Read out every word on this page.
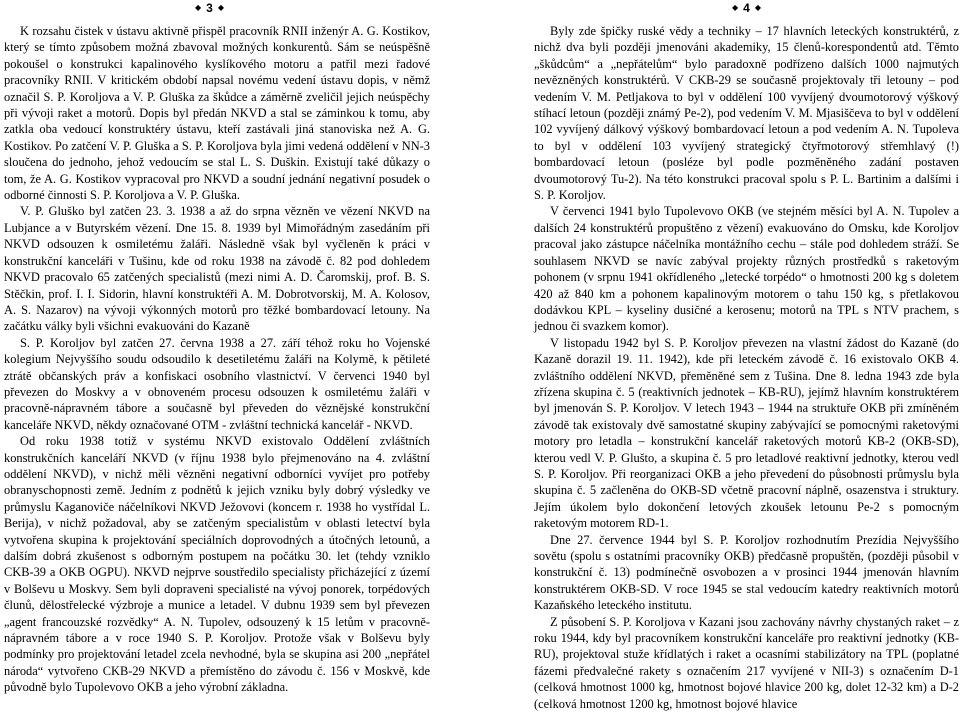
◆ 3 ◆	◆ 4 ◆

K rozsahu čistek v ústavu aktivně přispěl pracovník RNII inženýr A. G. Kostikov, který se tímto způsobem možná zbavoval možných konkurentů. Sám se neúspěšně pokoušel o konstrukci kapalinového kyslíkového motoru a patřil mezi řadové pracovníky RNII. V kritickém období napsal novému vedení ústavu dopis, v němž označil S. P. Koroljova a V. P. Gluška za škůdce a záměrně zveličil jejich neúspěchy při vývoji raket a motorů. Dopis byl předán NKVD a stal se záminkou k tomu, aby zatkla oba vedoucí konstruktéry ústavu, kteří zastávali jiná stanoviska než A. G. Kostikov. Po zatčení V. P. Gluška a S. P. Koroljova byla jimi vedená oddělení v NN-3 sloučena do jednoho, jehož vedoucím se stal L. S. Duškin. Existují také důkazy o tom, že A. G. Kostikov vypracoval pro NKVD a soudní jednání negativní posudek o odborné činnosti S. P. Koroljova a V. P. Gluška.

V. P. Gluško byl zatčen 23. 3. 1938 a až do srpna vězněn ve vězení NKVD na Lubjance a v Butyrském vězení. Dne 15. 8. 1939 byl Mimořádným zasedáním při NKVD odsouzen k osmiletému žaláři. Následně však byl vyčleněn k práci v konstrukční kanceláři v Tušinu, kde od roku 1938 na závodě č. 82 pod dohledem NKVD pracovalo 65 zatčených specialistů (mezi nimi A. D. Čaromskij, prof. B. S. Stěčkin, prof. I. I. Sidorin, hlavní konstruktéři A. M. Dobrotvorskij, M. A. Kolosov, A. S. Nazarov) na vývoji výkonných motorů pro těžké bombardovací letouny. Na začátku války byli všichni evakuováni do Kazaně

S. P. Koroljov byl zatčen 27. června 1938 a 27. září téhož roku ho Vojenské kolegium Nejvyššího soudu odsoudilo k desetiletému žaláři na Kolymě, k pětileté ztrátě občanských práv a konfiskaci osobního vlastnictví. V červenci 1940 byl převezen do Moskvy a v obnoveném procesu odsouzen k osmiletému žaláři v pracovně-nápravném tábore a současně byl převeden do věznějské konstrukční kanceláře NKVD, někdy označované OTM - zvláštní technická kancelář - NKVD.

Od roku 1938 totiž v systému NKVD existovalo Oddělení zvláštních konstrukčních kanceláří NKVD (v říjnu 1938 bylo přejmenováno na 4. zvláštní oddělení NKVD), v nichž měli vězněni negativní odborníci vyvíjet pro potřeby obranyschopnosti země. Jedním z podnětů k jejich vzniku byly dobrý výsledky ve průmyslu Kaganoviče náčelníkovi NKVD Ježovovi (koncem r. 1938 ho vystřídal L. Berija), v nichž požadoval, aby se zatčeným specialistům v oblasti letectví byla vytvořena skupina k projektování speciálních doprovodných a útočných letounů, a dalším dobrá zkušenost s odborným postupem na počátku 30. let (tehdy vzniklo CKB-39 a OKB OGPU). NKVD nejprve soustředilo specialisty přicházející z území v Bolševu u Moskvy. Sem byli dopraveni specialisté na vývoj ponorek, torpédových člunů, dělostřelecké výzbroje a munice a letadel. V dubnu 1939 sem byl převezen „agent francouzské rozvědky“ A. N. Tupolev, odsouzený k 15 letům v pracovně-nápravném tábore a v roce 1940 S. P. Koroljov. Protože však v Bolševu byly podmínky pro projektování letadel zcela nevhodné, byla se skupina asi 200 „nepřátel národa“ vytvořeno CKB-29 NKVD a přemístěno do závodu č. 156 v Moskvě, kde původně bylo Tupolevovo OKB a jeho výrobní základna.

Byly zde špičky ruské vědy a techniky – 17 hlavních leteckých konstruktérů, z nichž dva byli později jmenováni akademiky, 15 členů-korespondentů atd. Těmto „škůdcům“ a „nepřátelům“ bylo paradoxně podřízeno dalších 1000 najmutých nevězněných konstruktérů. V CKB-29 se současně projektovaly tři letouny – pod vedením V. M. Petljakova to byl v oddělení 100 vyvíjený dvoumotorový výškový stíhací letoun (později známý Pe-2), pod vedením V. M. Mjasiščeva to byl v oddělení 102 vyvíjený dálkový výškový bombardovací letoun a pod vedením A. N. Tupoleva to byl v oddělení 103 vyvíjený strategický čtyřmotorový střemhlavý (!) bombardovací letoun (posléze byl podle pozměněného zadání postaven dvoumotorový Tu-2). Na této konstrukci pracoval spolu s P. L. Bartinim a dalšími i S. P. Koroljov.

V červenci 1941 bylo Tupolevovo OKB (ve stejném měsíci byl A. N. Tupolev a dalších 24 konstruktérů propuštěno z vězení) evakuováno do Omsku, kde Koroljov pracoval jako zástupce náčelníka montážního cechu – stále pod dohledem stráží. Se souhlasem NKVD se navíc zabýval projekty různých prostředků s raketovým pohonem (v srpnu 1941 okřídleného „letecké torpédo“ o hmotnosti 200 kg s doletem 420 až 840 km a pohonem kapalinovým motorem o tahu 150 kg, s přetlakovou dodávkou KPL – kyseliny dusičné a kerosenu; motorů na TPL s NTV prachem, s jednou či svazkem komor).

V listopadu 1942 byl S. P. Koroljov převezen na vlastní žádost do Kazaně (do Kazaně dorazil 19. 11. 1942), kde při leteckém závodě č. 16 existovalo OKB 4. zvláštního oddělení NKVD, přeměněné sem z Tušina. Dne 8. ledna 1943 zde byla zřízena skupina č. 5 (reaktivních jednotek – KB-RU), jejímž hlavním konstruktérem byl jmenován S. P. Koroljov. V letech 1943 – 1944 na struktuře OKB při zmíněném závodě tak existovaly dvě samostatné skupiny zabývající se pomocnými raketovými motory pro letadla – konstrukční kancelář raketových motorů KB-2 (OKB-SD), kterou vedl V. P. Glušto, a skupina č. 5 pro letadlové reaktivní jednotky, kterou vedl S. P. Koroljov. Při reorganizaci OKB a jeho převedení do působnosti průmyslu byla skupina č. 5 začleněna do OKB-SD včetně pracovní náplně, osazenstva i struktury. Jejím úkolem bylo dokončení letových zkoušek letounu Pe-2 s pomocným raketovým motorem RD-1.

Dne 27. července 1944 byl S. P. Koroljov rozhodnutím Prezídia Nejvyššího sovětu (spolu s ostatními pracovníky OKB) předčasně propuštěn, (později působil v konstrukční č. 13) podmínečně osvobozen a v prosinci 1944 jmenován hlavním konstruktérem OKB-SD. V roce 1945 se stal vedoucím katedry reaktivních motorů Kazaňského leteckého institutu.

Z působení S. P. Koroljova v Kazani jsou zachovány návrhy chystaných raket – z roku 1944, kdy byl pracovníkem konstrukční kanceláře pro reaktivní jednotky (KB-RU), projektoval stuže křídlatých i raket a ocasními stabilizátory na TPL (poplatné fázemi předvalečné rakety s označením 217 vyvíjené v NII-3) s označením D-1 (celková hmotnost 1000 kg, hmotnost bojové hlavice 200 kg, dolet 12-32 km) a D-2 (celková hmotnost 1200 kg, hmotnost bojové hlavice
